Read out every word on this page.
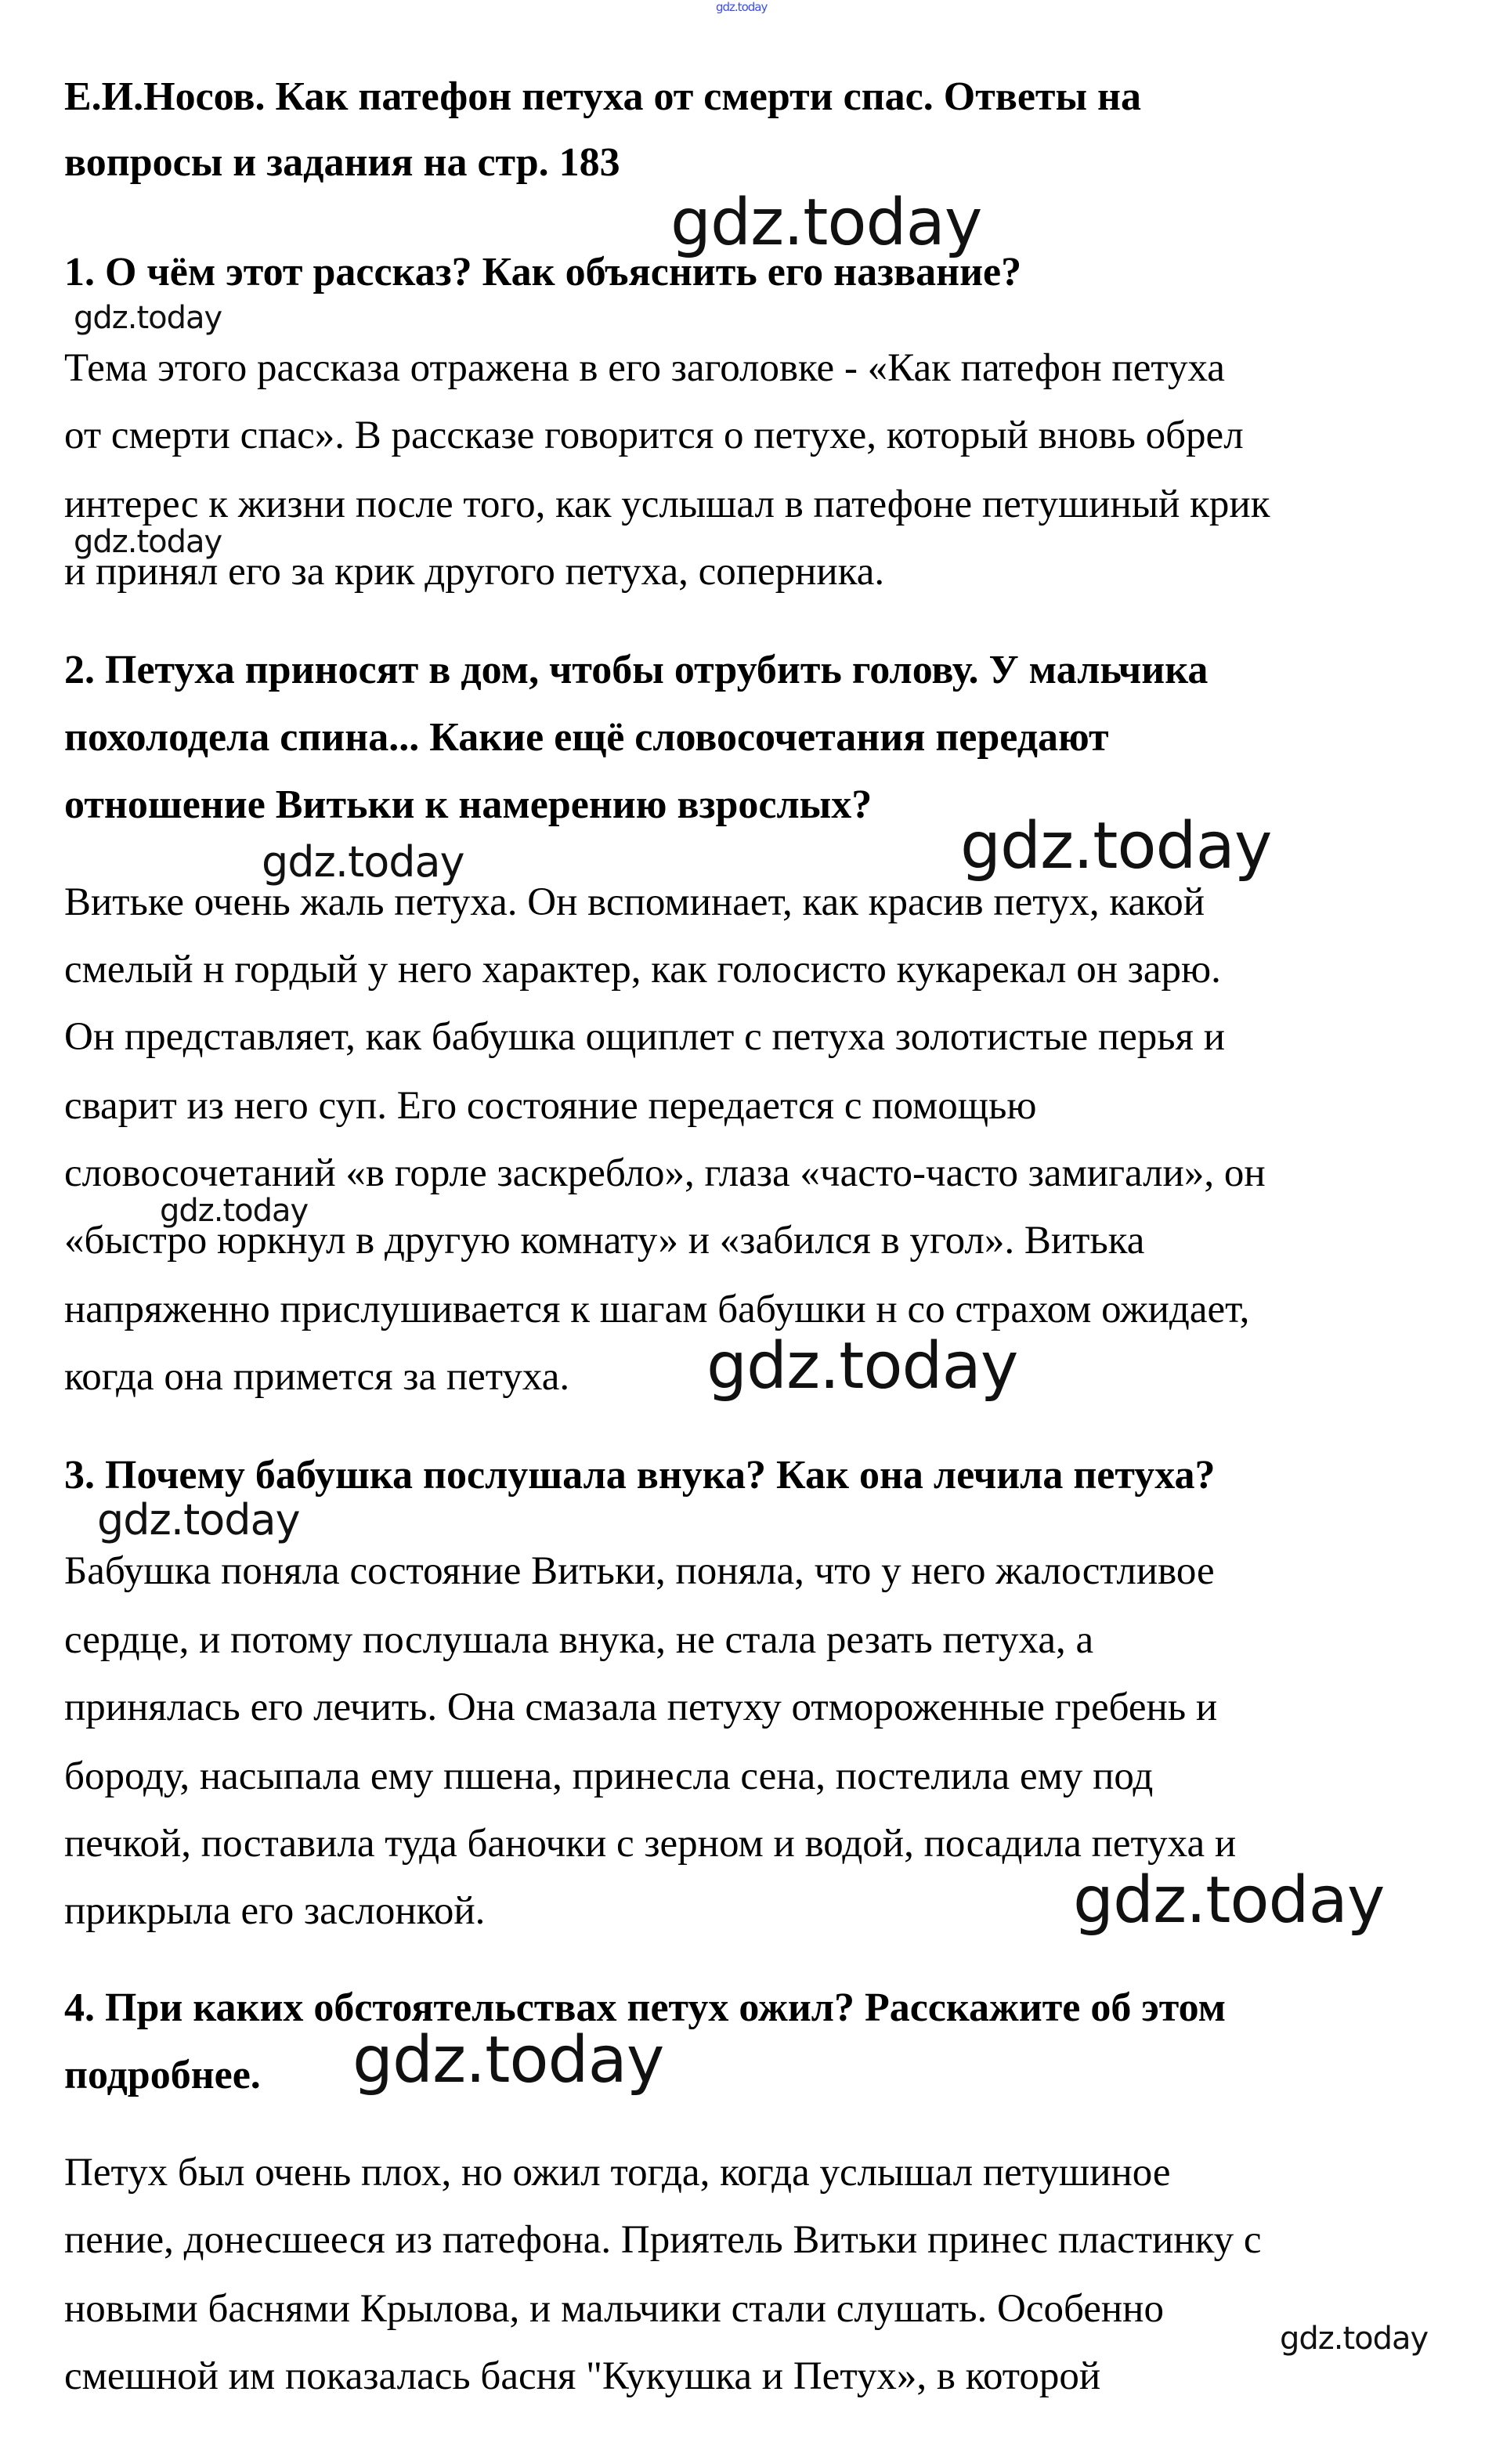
gdz.today
Е.И.Носов. Как патефон петуха от смерти спас. Ответы на
вопросы и задания на стр. 183
gdz.today
1. О чём этот рассказ? Как объяснить его название?
gdz.today
Тема этого рассказа отражена в его заголовке - «Как патефон петуха
от смерти спас». В рассказе говорится о петухе, который вновь обрел
интерес к жизни после того, как услышал в патефоне петушиный крик
gdz.today
и принял его за крик другого петуха, соперника.
2. Петуха приносят в дом, чтобы отрубить голову. У мальчика
похолодела спина... Какие ещё словосочетания передают
отношение Витьки к намерению взрослых?
gdz.today	gdz.today
Витьке очень жаль петуха. Он вспоминает, как красив петух, какой
смелый н гордый у него характер, как голосисто кукарекал он зарю.
Он представляет, как бабушка ощиплет с петуха золотистые перья и
сварит из него суп. Его состояние передается с помощью
словосочетаний «в горле заскребло», глаза «часто-часто замигали», он
gdz.today
«быстро юркнул в другую комнату» и «забился в угол». Витька
напряженно прислушивается к шагам бабушки н со страхом ожидает,
когда она примется за петуха. gdz.today
3. Почему бабушка послушала внука? Как она лечила петуха?
gdz.today
Бабушка поняла состояние Витьки, поняла, что у него жалостливое
сердце, и потому послушала внука, не стала резать петуха, а
принялась его лечить. Она смазала петуху отмороженные гребень и
бороду, насыпала ему пшена, принесла сена, постелила ему под
печкой, поставила туда баночки с зерном и водой, посадила петуха и
прикрыла его заслонкой.	gdz.today
4. При каких обстоятельствах петух ожил? Расскажите об этом
подробнее. gdz.today
Петух был очень плох, но ожил тогда, когда услышал петушиное
пение, донесшееся из патефона. Приятель Витьки принес пластинку с
новыми баснями Крылова, и мальчики стали слушать. Особенно
gdz.today
смешной им показалась басня "Кукушка и Петух», в которой
